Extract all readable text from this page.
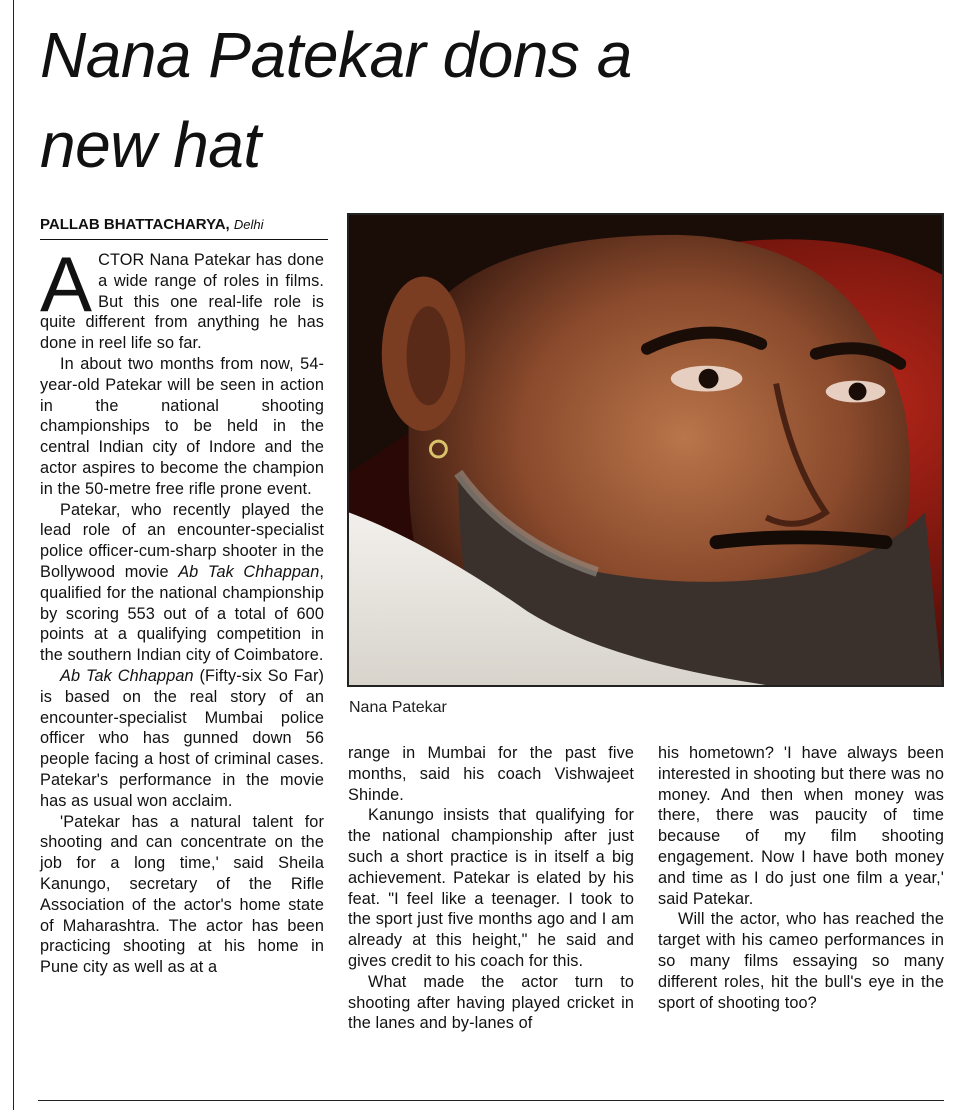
Nana Patekar dons a new hat
PALLAB BHATTACHARYA, Delhi

ACTOR Nana Patekar has done a wide range of roles in films. But this one real-life role is quite different from anything he has done in reel life so far.

In about two months from now, 54-year-old Patekar will be seen in action in the national shooting championships to be held in the central Indian city of Indore and the actor aspires to become the champion in the 50-metre free rifle prone event.

Patekar, who recently played the lead role of an encounter-specialist police officer-cum-sharp shooter in the Bollywood movie Ab Tak Chhappan, qualified for the national championship by scoring 553 out of a total of 600 points at a qualifying competition in the southern Indian city of Coimbatore.

Ab Tak Chhappan (Fifty-six So Far) is based on the real story of an encounter-specialist Mumbai police officer who has gunned down 56 people facing a host of criminal cases. Patekar's performance in the movie has as usual won acclaim.

'Patekar has a natural talent for shooting and can concentrate on the job for a long time,' said Sheila Kanungo, secretary of the Rifle Association of the actor's home state of Maharashtra. The actor has been practicing shooting at his home in Pune city as well as at a

Nana Patekar

range in Mumbai for the past five months, said his coach Vishwajeet Shinde.

Kanungo insists that qualifying for the national championship after just such a short practice is in itself a big achievement. Patekar is elated by his feat. "I feel like a teenager. I took to the sport just five months ago and I am already at this height," he said and gives credit to his coach for this.

What made the actor turn to shooting after having played cricket in the lanes and by-lanes of

his hometown? 'I have always been interested in shooting but there was no money. And then when money was there, there was paucity of time because of my film shooting engagement. Now I have both money and time as I do just one film a year,' said Patekar.

Will the actor, who has reached the target with his cameo performances in so many films essaying so many different roles, hit the bull's eye in the sport of shooting too?
